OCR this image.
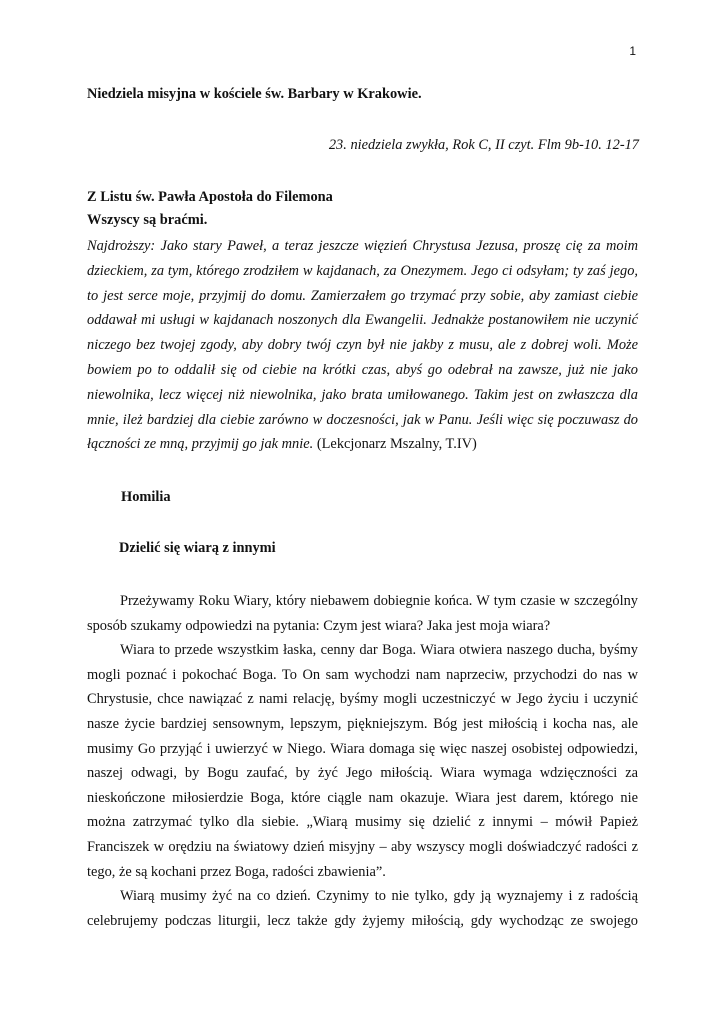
1
Niedziela misyjna w kościele św. Barbary w Krakowie.

23. niedziela zwykła, Rok C, II czyt. Flm 9b-10. 12-17

Z Listu św. Pawła Apostoła do Filemona
Wszyscy są braćmi.

Najdroższy: Jako stary Paweł, a teraz jeszcze więzień Chrystusa Jezusa, proszę cię za moim dzieckiem, za tym, którego zrodziłem w kajdanach, za Onezymem. Jego ci odsyłam; ty zaś jego, to jest serce moje, przyjmij do domu. Zamierzałem go trzymać przy sobie, aby zamiast ciebie oddawał mi usługi w kajdanach noszonych dla Ewangelii. Jednakże postanowiłem nie uczynić niczego bez twojej zgody, aby dobry twój czyn był nie jakby z musu, ale z dobrej woli. Może bowiem po to oddalił się od ciebie na krótki czas, abyś go odebrał na zawsze, już nie jako niewolnika, lecz więcej niż niewolnika, jako brata umiłowanego. Takim jest on zwłaszcza dla mnie, ileż bardziej dla ciebie zarówno w doczesności, jak w Panu. Jeśli więc się poczuwasz do łączności ze mną, przyjmij go jak mnie. (Lekcjonarz Mszalny, T.IV)

Homilia
Dzielić się wiarą z innymi

Przeżywamy Roku Wiary, który niebawem dobiegnie końca. W tym czasie w szczególny sposób szukamy odpowiedzi na pytania: Czym jest wiara? Jaka jest moja wiara?

Wiara to przede wszystkim łaska, cenny dar Boga. Wiara otwiera naszego ducha, byśmy mogli poznać i pokochać Boga. To On sam wychodzi nam naprzeciw, przychodzi do nas w Chrystusie, chce nawiązać z nami relację, byśmy mogli uczestniczyć w Jego życiu i uczynić nasze życie bardziej sensownym, lepszym, piękniejszym. Bóg jest miłością i kocha nas, ale musimy Go przyjąć i uwierzyć w Niego. Wiara domaga się więc naszej osobistej odpowiedzi, naszej odwagi, by Bogu zaufać, by żyć Jego miłością. Wiara wymaga wdzięczności za nieskończone miłosierdzie Boga, które ciągle nam okazuje. Wiara jest darem, którego nie można zatrzymać tylko dla siebie. „Wiarą musimy się dzielić z innymi – mówił Papież Franciszek w orędziu na światowy dzień misyjny – aby wszyscy mogli doświadczyć radości z tego, że są kochani przez Boga, radości zbawienia”.

Wiarą musimy żyć na co dzień. Czynimy to nie tylko, gdy ją wyznajemy i z radością celebrujemy podczas liturgii, lecz także gdy żyjemy miłością, gdy wychodząc ze swojego
